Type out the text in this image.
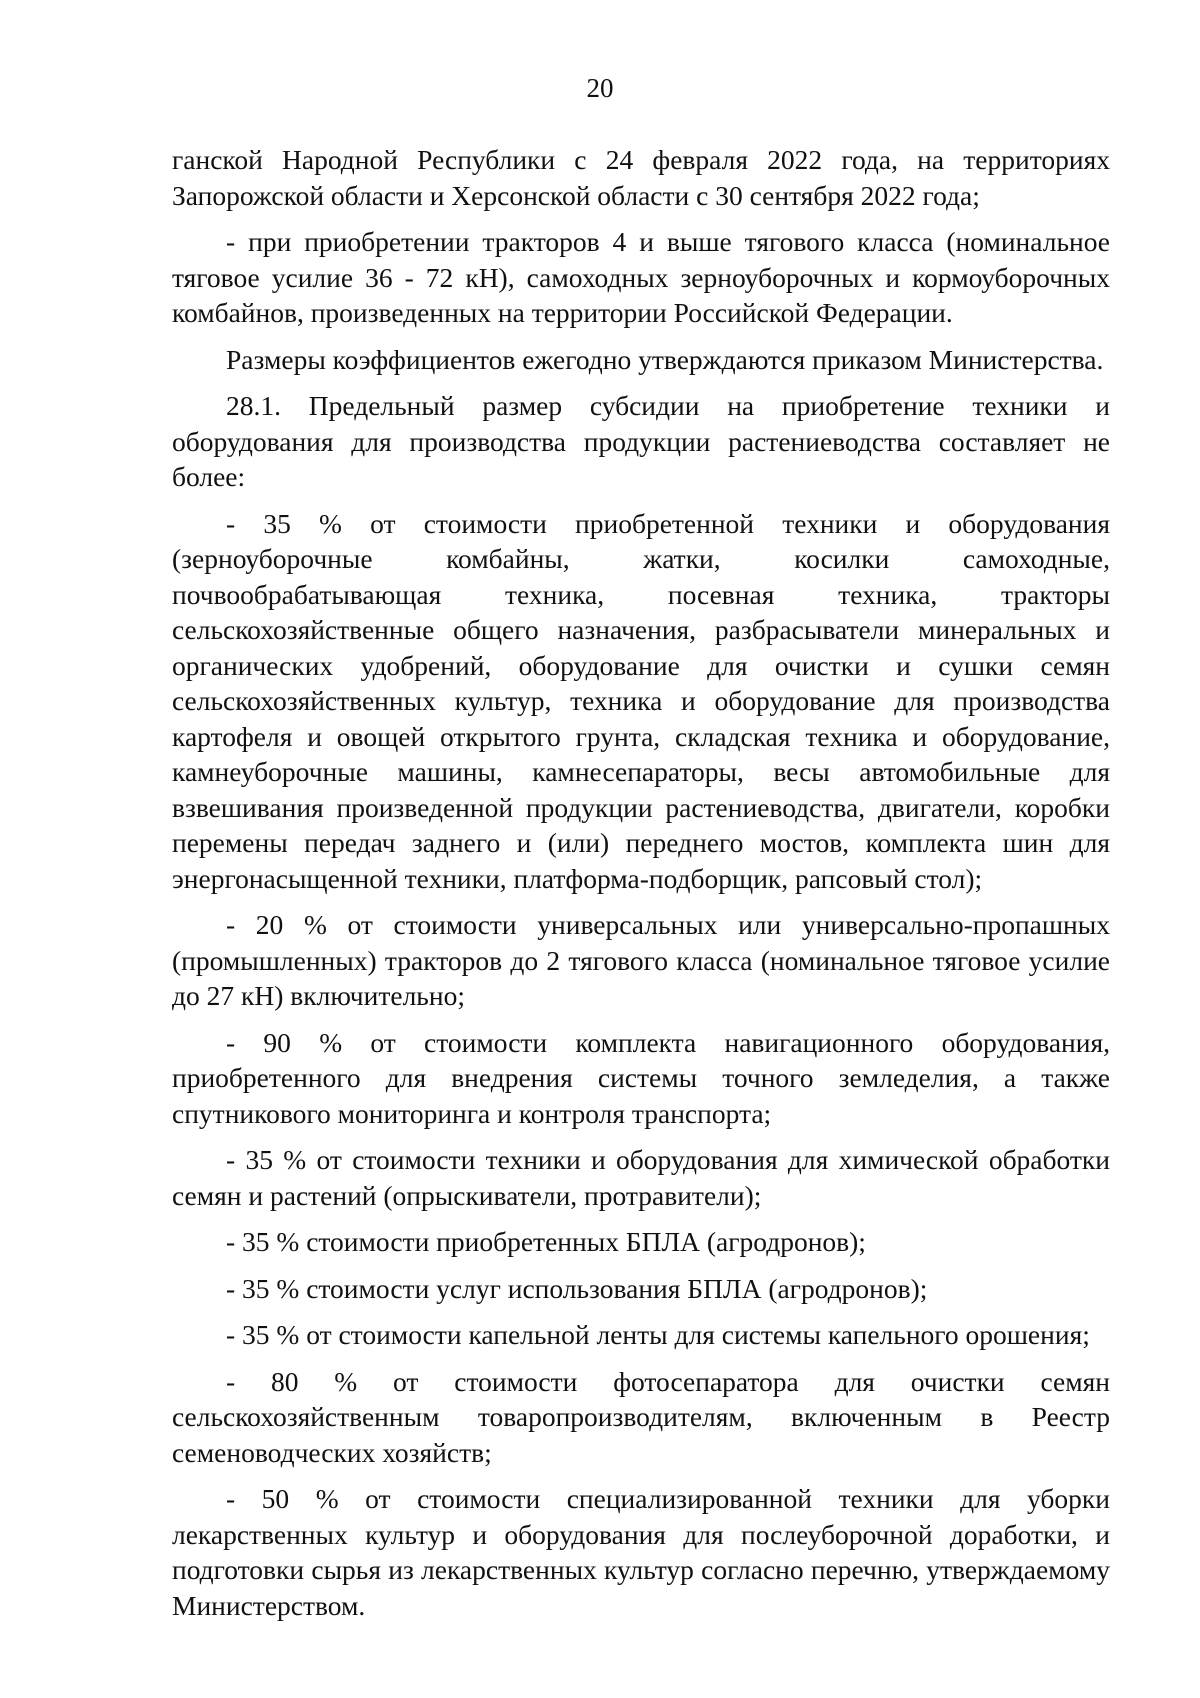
20

ганской Народной Республики с 24 февраля 2022 года, на территориях Запорожской области и Херсонской области с 30 сентября 2022 года;

- при приобретении тракторов 4 и выше тягового класса (номинальное тяговое усилие 36 - 72 кН), самоходных зерноуборочных и кормоуборочных комбайнов, произведенных на территории Российской Федерации.

Размеры коэффициентов ежегодно утверждаются приказом Министерства.

28.1. Предельный размер субсидии на приобретение техники и оборудования для производства продукции растениеводства составляет не более:

- 35 % от стоимости приобретенной техники и оборудования (зерноуборочные комбайны, жатки, косилки самоходные, почвообрабатывающая техника, посевная техника, тракторы сельскохозяйственные общего назначения, разбрасыватели минеральных и органических удобрений, оборудование для очистки и сушки семян сельскохозяйственных культур, техника и оборудование для производства картофеля и овощей открытого грунта, складская техника и оборудование, камнеуборочные машины, камнесепараторы, весы автомобильные для взвешивания произведенной продукции растениеводства, двигатели, коробки перемены передач заднего и (или) переднего мостов, комплекта шин для энергонасыщенной техники, платформа-подборщик, рапсовый стол);

- 20 % от стоимости универсальных или универсально-пропашных (промышленных) тракторов до 2 тягового класса (номинальное тяговое усилие до 27 кН) включительно;

- 90 % от стоимости комплекта навигационного оборудования, приобретенного для внедрения системы точного земледелия, а также спутникового мониторинга и контроля транспорта;

- 35 % от стоимости техники и оборудования для химической обработки семян и растений (опрыскиватели, протравители);

- 35 % стоимости приобретенных БПЛА (агродронов);

- 35 % стоимости услуг использования БПЛА (агродронов);

- 35 % от стоимости капельной ленты для системы капельного орошения;

- 80 % от стоимости фотосепаратора для очистки семян сельскохозяйственным товаропроизводителям, включенным в Реестр семеноводческих хозяйств;

- 50 % от стоимости специализированной техники для уборки лекарственных культур и оборудования для послеуборочной доработки, и подготовки сырья из лекарственных культур согласно перечню, утверждаемому Министерством.
